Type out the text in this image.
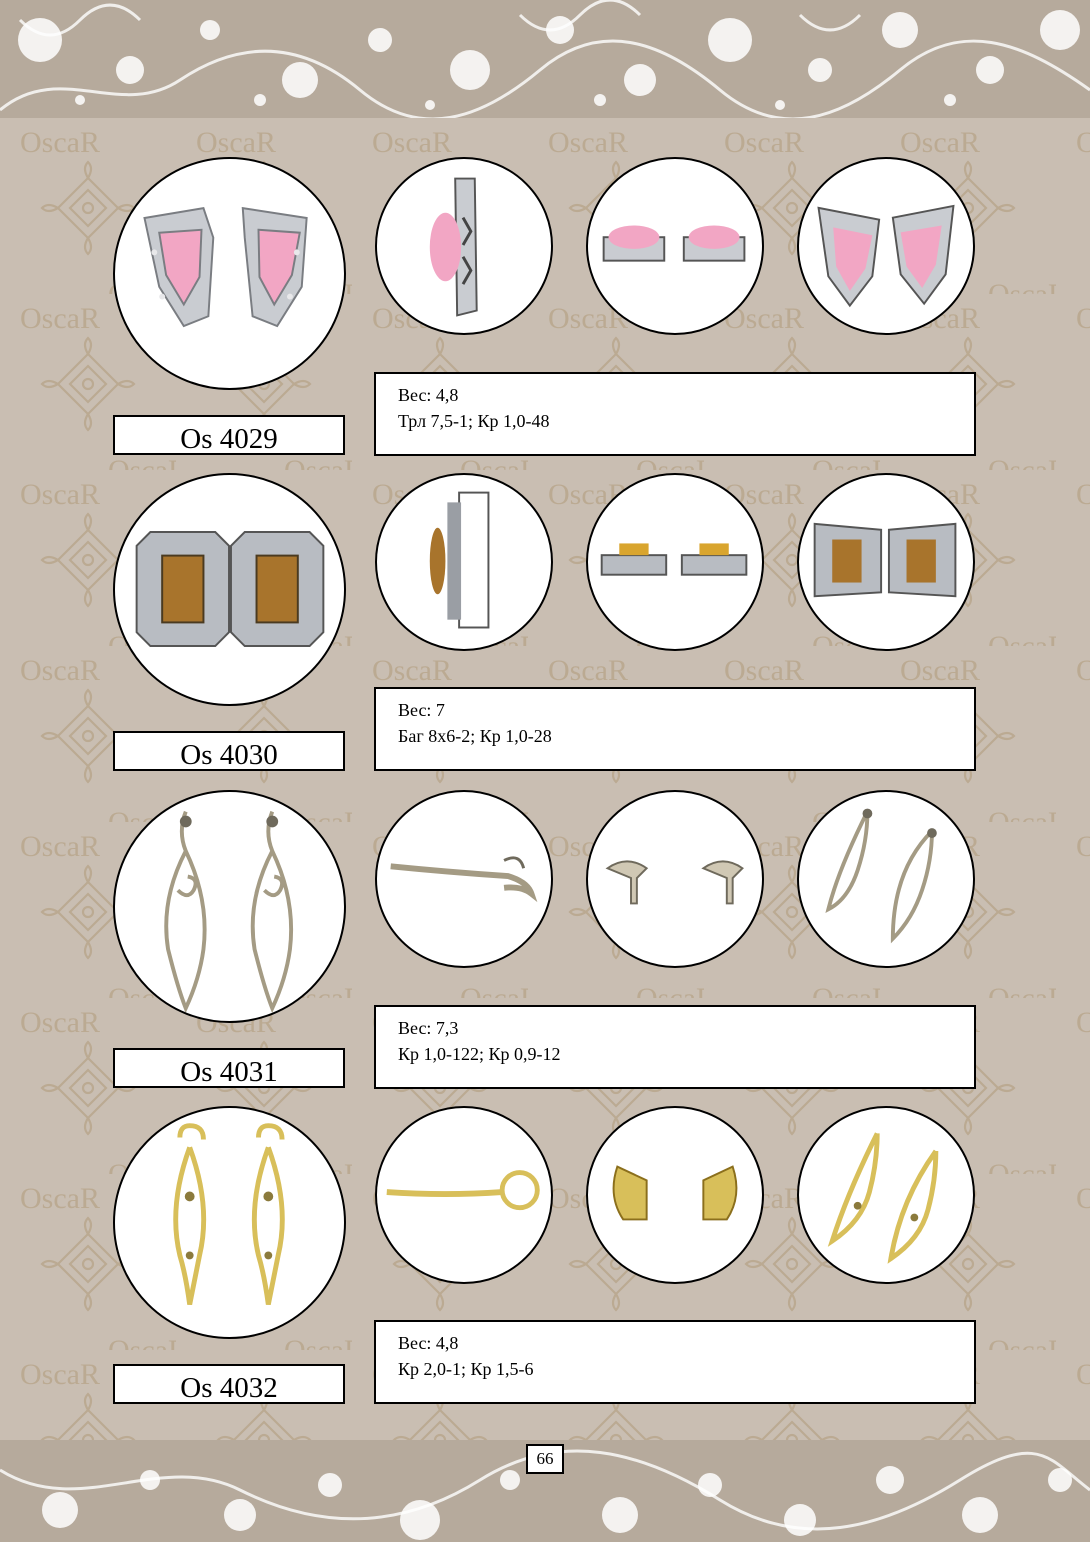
Вес: 4,8
Трл 7,5-1; Кр 1,0-48
Os 4029
Вес: 7
Баг 8х6-2; Кр 1,0-28
Os 4030
Вес: 7,3
Кр 1,0-122; Кр 0,9-12
Os 4031
Вес: 4,8
Кр 2,0-1; Кр 1,5-6
Os 4032
66
